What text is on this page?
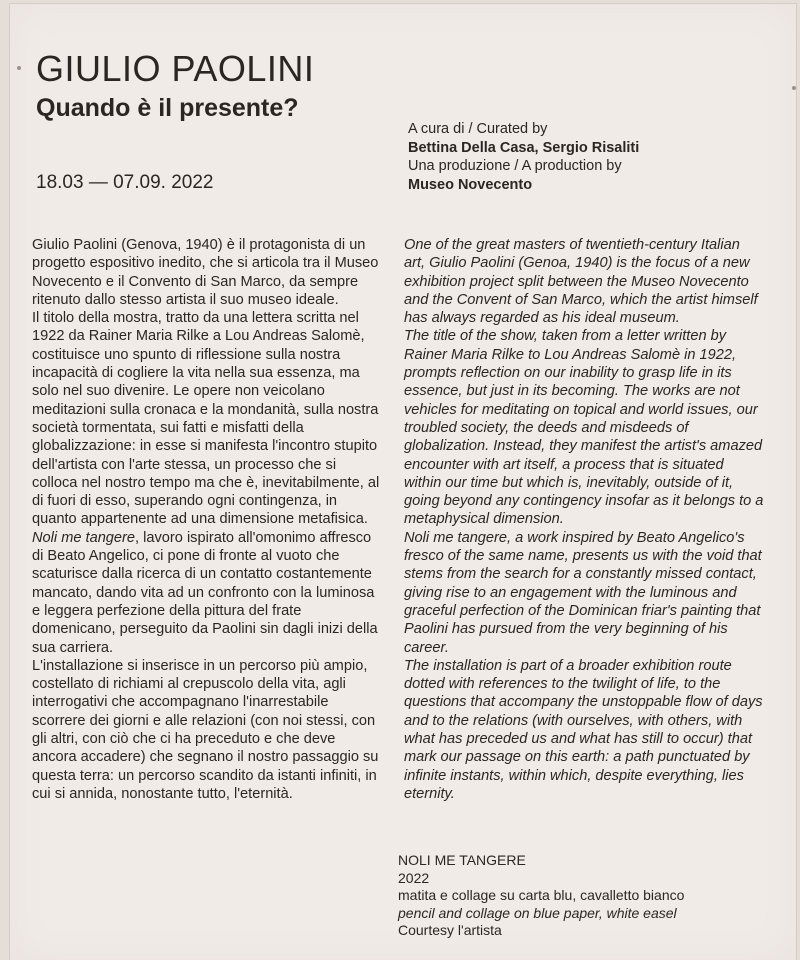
GIULIO PAOLINI
Quando è il presente?
18.03 — 07.09. 2022
A cura di / Curated by
Bettina Della Casa, Sergio Risaliti
Una produzione / A production by
Museo Novecento

Giulio Paolini (Genova, 1940) è il protagonista di un progetto espositivo inedito, che si articola tra il Museo Novecento e il Convento di San Marco, da sempre ritenuto dallo stesso artista il suo museo ideale.

Il titolo della mostra, tratto da una lettera scritta nel 1922 da Rainer Maria Rilke a Lou Andreas Salomè, costituisce uno spunto di riflessione sulla nostra incapacità di cogliere la vita nella sua essenza, ma solo nel suo divenire. Le opere non veicolano meditazioni sulla cronaca e la mondanità, sulla nostra società tormentata, sui fatti e misfatti della globalizzazione: in esse si manifesta l'incontro stupito dell'artista con l'arte stessa, un processo che si colloca nel nostro tempo ma che è, inevitabilmente, al di fuori di esso, superando ogni contingenza, in quanto appartenente ad una dimensione metafisica.

Noli me tangere, lavoro ispirato all'omonimo affresco di Beato Angelico, ci pone di fronte al vuoto che scaturisce dalla ricerca di un contatto costantemente mancato, dando vita ad un confronto con la luminosa e leggera perfezione della pittura del frate domenicano, perseguito da Paolini sin dagli inizi della sua carriera.

L'installazione si inserisce in un percorso più ampio, costellato di richiami al crepuscolo della vita, agli interrogativi che accompagnano l'inarrestabile scorrere dei giorni e alle relazioni (con noi stessi, con gli altri, con ciò che ci ha preceduto e che deve ancora accadere) che segnano il nostro passaggio su questa terra: un percorso scandito da istanti infiniti, in cui si annida, nonostante tutto, l'eternità.

One of the great masters of twentieth-century Italian art, Giulio Paolini (Genoa, 1940) is the focus of a new exhibition project split between the Museo Novecento and the Convent of San Marco, which the artist himself has always regarded as his ideal museum.

The title of the show, taken from a letter written by Rainer Maria Rilke to Lou Andreas Salomè in 1922, prompts reflection on our inability to grasp life in its essence, but just in its becoming. The works are not vehicles for meditating on topical and world issues, our troubled society, the deeds and misdeeds of globalization. Instead, they manifest the artist's amazed encounter with art itself, a process that is situated within our time but which is, inevitably, outside of it, going beyond any contingency insofar as it belongs to a metaphysical dimension.

Noli me tangere, a work inspired by Beato Angelico's fresco of the same name, presents us with the void that stems from the search for a constantly missed contact, giving rise to an engagement with the luminous and graceful perfection of the Dominican friar's painting that Paolini has pursued from the very beginning of his career.

The installation is part of a broader exhibition route dotted with references to the twilight of life, to the questions that accompany the unstoppable flow of days and to the relations (with ourselves, with others, with what has preceded us and what has still to occur) that mark our passage on this earth: a path punctuated by infinite instants, within which, despite everything, lies eternity.

NOLI ME TANGERE
2022
matita e collage su carta blu, cavalletto bianco
pencil and collage on blue paper, white easel
Courtesy l'artista
